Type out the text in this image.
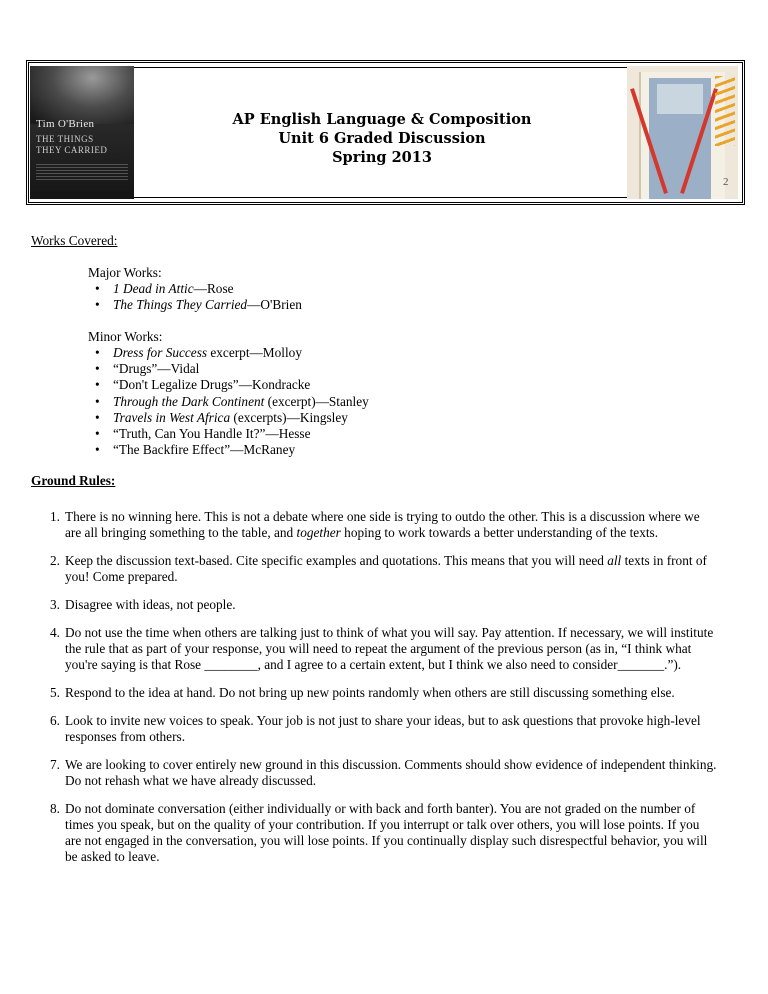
Tim O'Brien
THE THINGS
THEY CARRIED
AP English Language & Composition
Unit 6 Graded Discussion
Spring 2013
2
Works Covered:
Major Works:
• 1 Dead in Attic—Rose
• The Things They Carried—O'Brien
Minor Works:
• Dress for Success excerpt—Molloy
• “Drugs”—Vidal
• “Don't Legalize Drugs”—Kondracke
• Through the Dark Continent (excerpt)—Stanley
• Travels in West Africa (excerpts)—Kingsley
• “Truth, Can You Handle It?”—Hesse
• “The Backfire Effect”—McRaney
Ground Rules:
1. There is no winning here. This is not a debate where one side is trying to outdo the other. This is a discussion where we are all bringing something to the table, and together hoping to work towards a better understanding of the texts.
2. Keep the discussion text-based. Cite specific examples and quotations. This means that you will need all texts in front of you! Come prepared.
3. Disagree with ideas, not people.
4. Do not use the time when others are talking just to think of what you will say. Pay attention. If necessary, we will institute the rule that as part of your response, you will need to repeat the argument of the previous person (as in, “I think what you're saying is that Rose ________, and I agree to a certain extent, but I think we also need to consider_______.”).
5. Respond to the idea at hand. Do not bring up new points randomly when others are still discussing something else.
6. Look to invite new voices to speak. Your job is not just to share your ideas, but to ask questions that provoke high-level responses from others.
7. We are looking to cover entirely new ground in this discussion. Comments should show evidence of independent thinking. Do not rehash what we have already discussed.
8. Do not dominate conversation (either individually or with back and forth banter). You are not graded on the number of times you speak, but on the quality of your contribution. If you interrupt or talk over others, you will lose points. If you are not engaged in the conversation, you will lose points. If you continually display such disrespectful behavior, you will be asked to leave.
